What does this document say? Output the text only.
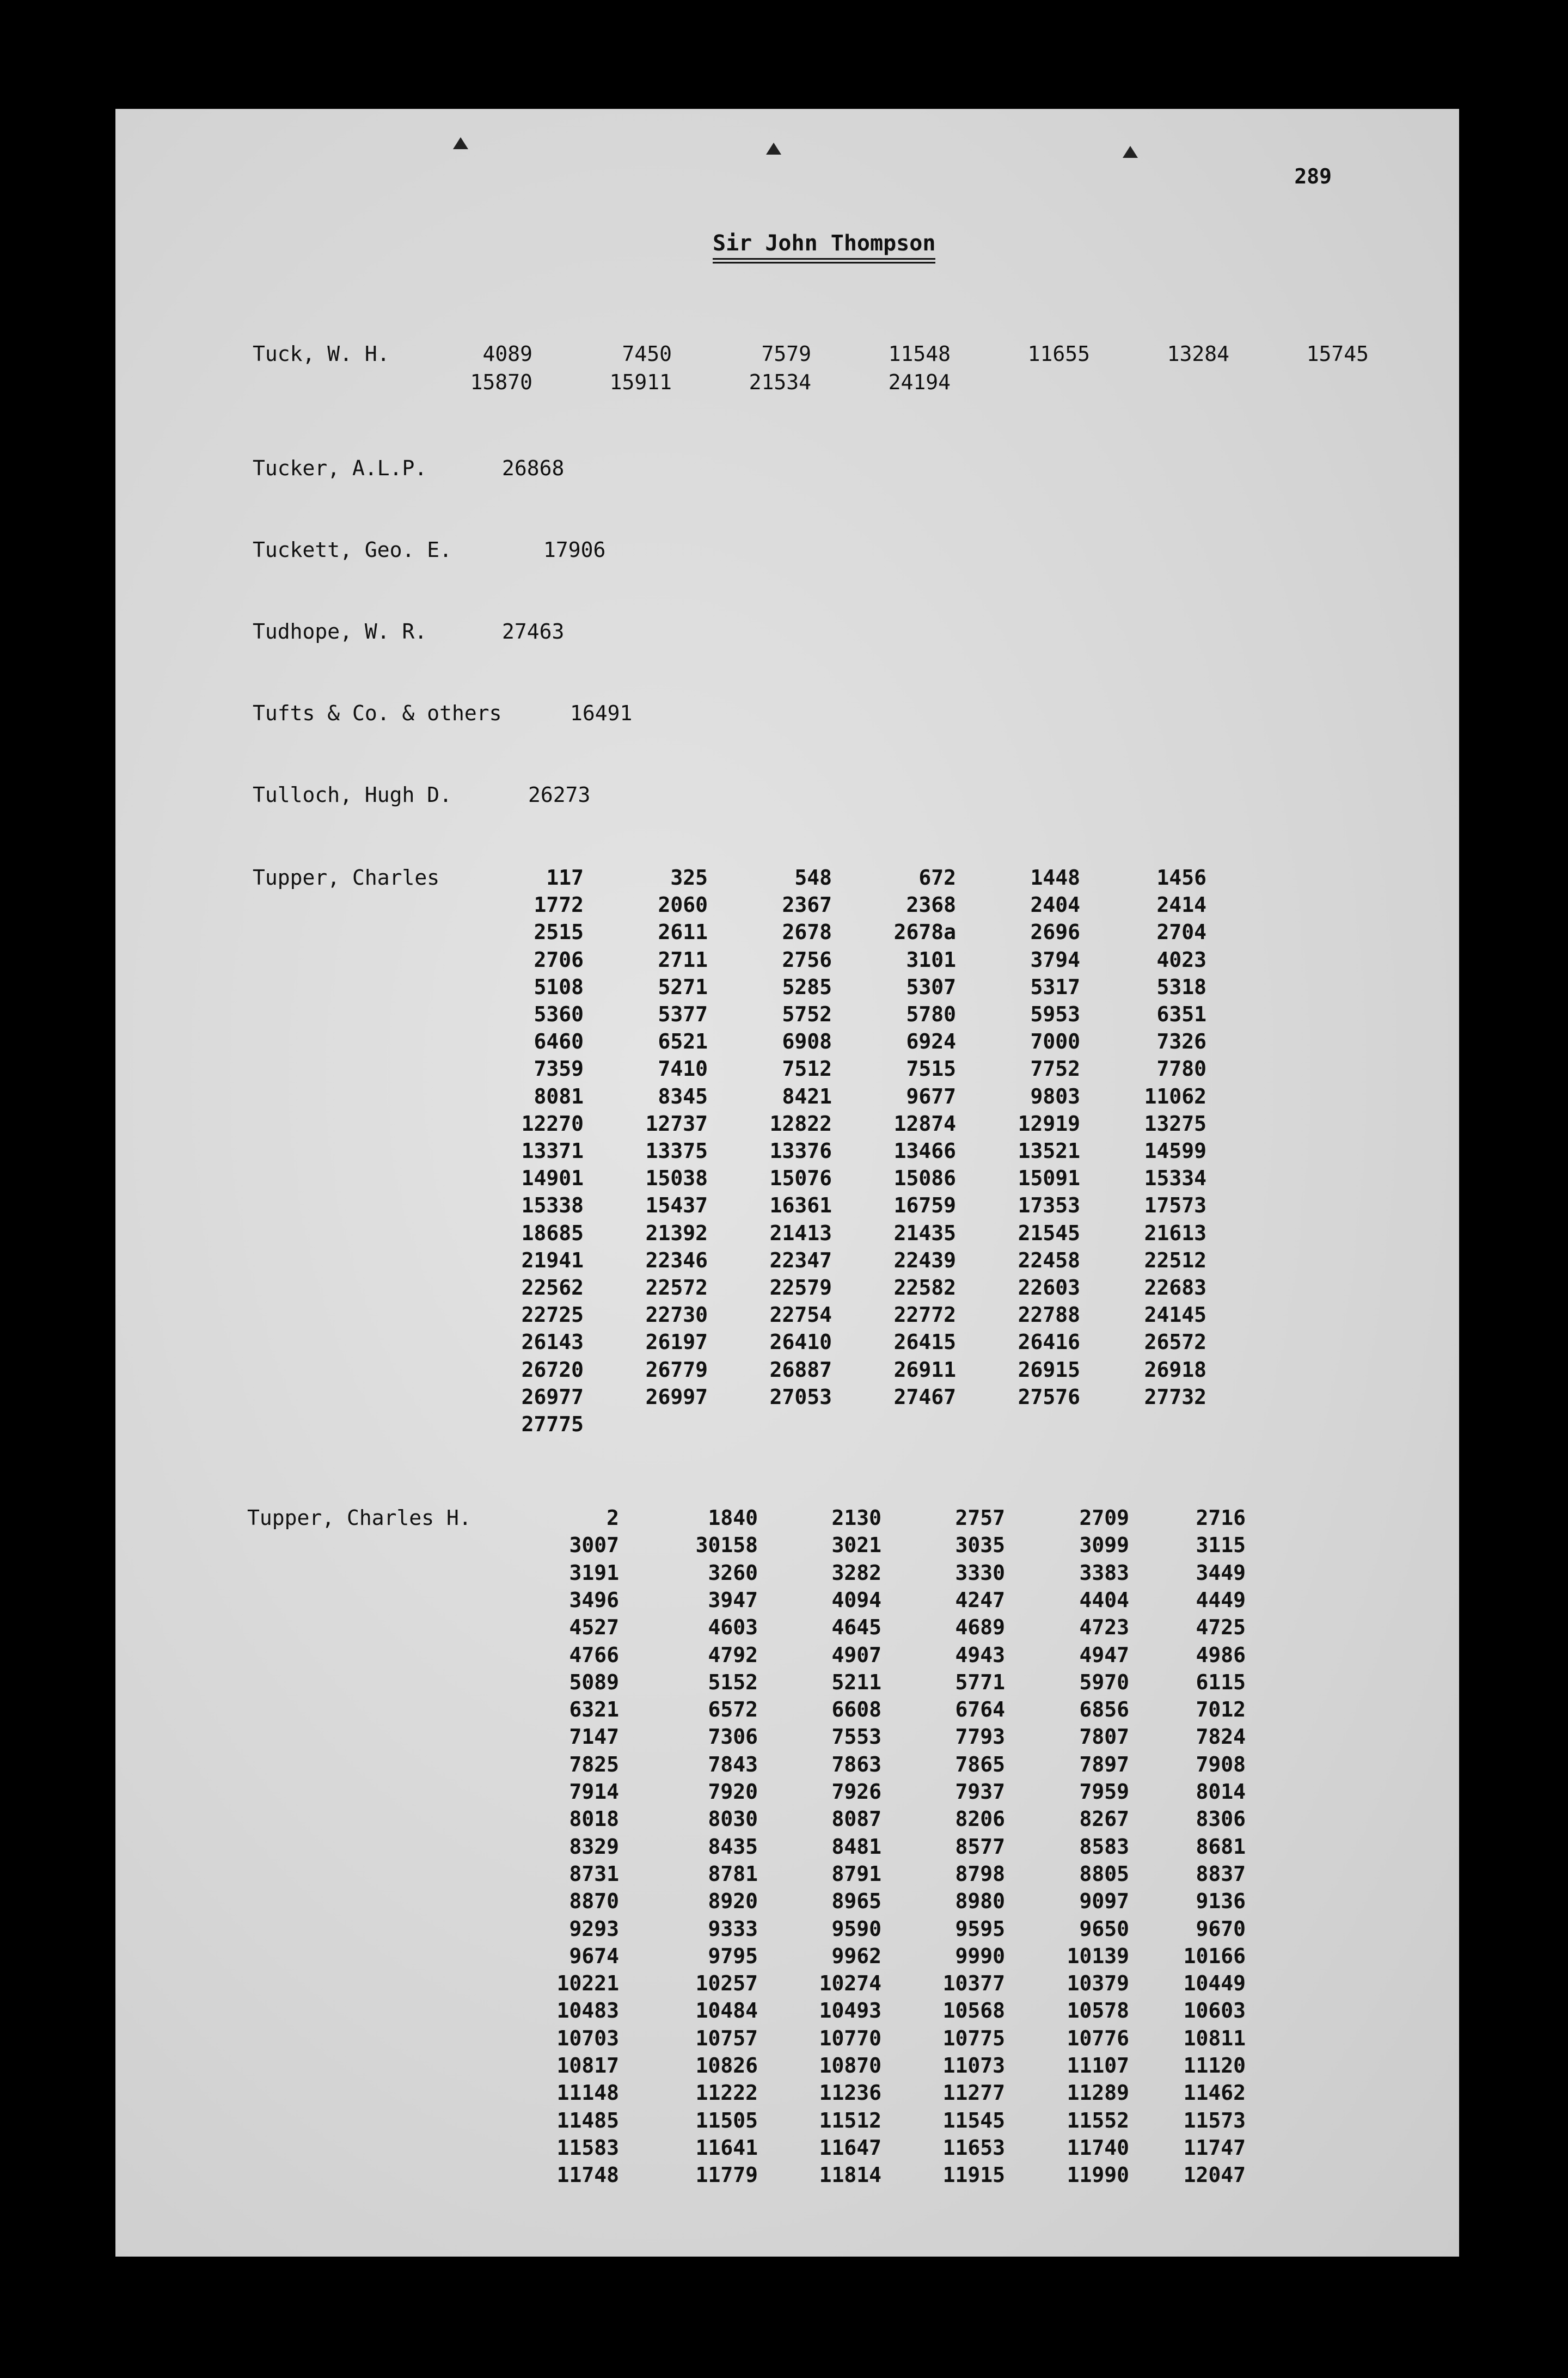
289
Sir John Thompson
Tuck, W. H.	4089	7450	7579	11548	11655	13284	15745
15870	15911	21534	24194
Tucker, A.L.P.	26868
Tuckett, Geo. E.	17906
Tudhope, W. R.	27463
Tufts & Co. & others	16491
Tulloch, Hugh D.	26273
Tupper, Charles	117	325	548	672	1448	1456
1772	2060	2367	2368	2404	2414
2515	2611	2678	2678a	2696	2704
2706	2711	2756	3101	3794	4023
5108	5271	5285	5307	5317	5318
5360	5377	5752	5780	5953	6351
6460	6521	6908	6924	7000	7326
7359	7410	7512	7515	7752	7780
8081	8345	8421	9677	9803	11062
12270	12737	12822	12874	12919	13275
13371	13375	13376	13466	13521	14599
14901	15038	15076	15086	15091	15334
15338	15437	16361	16759	17353	17573
18685	21392	21413	21435	21545	21613
21941	22346	22347	22439	22458	22512
22562	22572	22579	22582	22603	22683
22725	22730	22754	22772	22788	24145
26143	26197	26410	26415	26416	26572
26720	26779	26887	26911	26915	26918
26977	26997	27053	27467	27576	27732
27775
Tupper, Charles H.	2	1840	2130	2757	2709	2716
3007	30158	3021	3035	3099	3115
3191	3260	3282	3330	3383	3449
3496	3947	4094	4247	4404	4449
4527	4603	4645	4689	4723	4725
4766	4792	4907	4943	4947	4986
5089	5152	5211	5771	5970	6115
6321	6572	6608	6764	6856	7012
7147	7306	7553	7793	7807	7824
7825	7843	7863	7865	7897	7908
7914	7920	7926	7937	7959	8014
8018	8030	8087	8206	8267	8306
8329	8435	8481	8577	8583	8681
8731	8781	8791	8798	8805	8837
8870	8920	8965	8980	9097	9136
9293	9333	9590	9595	9650	9670
9674	9795	9962	9990	10139	10166
10221	10257	10274	10377	10379	10449
10483	10484	10493	10568	10578	10603
10703	10757	10770	10775	10776	10811
10817	10826	10870	11073	11107	11120
11148	11222	11236	11277	11289	11462
11485	11505	11512	11545	11552	11573
11583	11641	11647	11653	11740	11747
11748	11779	11814	11915	11990	12047
